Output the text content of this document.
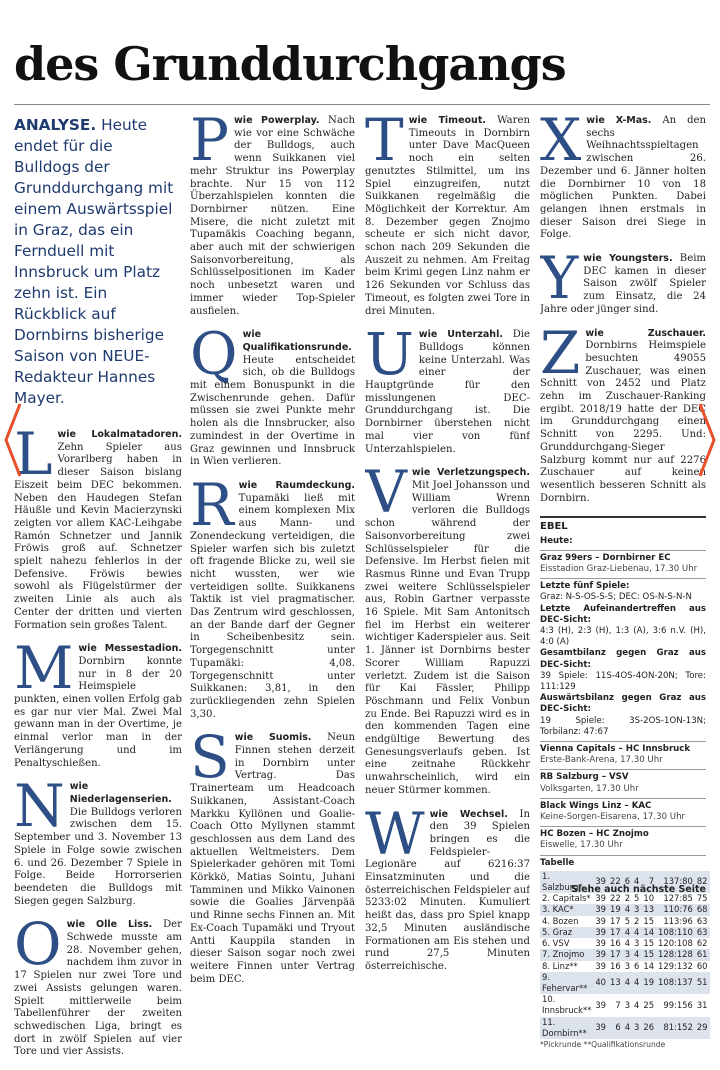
des Grunddurchgangs
ANALYSE. Heute endet für die Bulldogs der Grunddurchgang mit einem Auswärtsspiel in Graz, das ein Fernduell mit Innsbruck um Platz zehn ist. Ein Rückblick auf Dornbirns bisherige Saison von NEUE-Redakteur Hannes Mayer.
L wie Lokalmatadoren. Zehn Spieler aus Vorarlberg haben in dieser Saison bislang Eiszeit beim DEC bekommen. Neben den Haudegen Stefan Häußle und Kevin Macierzynski zeigten vor allem KAC-Leihgabe Ramón Schnetzer und Jannik Fröwis groß auf. Schnetzer spielt nahezu fehlerlos in der Defensive. Fröwis bewies sowohl als Flügelstürmer der zweiten Linie als auch als Center der dritten und vierten Formation sein großes Talent.
M wie Messestadion. Dornbirn konnte nur in 8 der 20 Heimspiele punkten, einen vollen Erfolg gab es gar nur vier Mal. Zwei Mal gewann man in der Overtime, je einmal verlor man in der Verlängerung und im Penaltyschießen.
N wie Niederlagenserien. Die Bulldogs verloren zwischen dem 15. September und 3. November 13 Spiele in Folge sowie zwischen 6. und 26. Dezember 7 Spiele in Folge. Beide Horrorserien beendeten die Bulldogs mit Siegen gegen Salzburg.
O wie Olle Liss. Der Schwede musste am 28. November gehen, nachdem ihm zuvor in 17 Spielen nur zwei Tore und zwei Assists gelungen waren. Spielt mittlerweile beim Tabellenführer der zweiten schwedischen Liga, bringt es dort in zwölf Spielen auf vier Tore und vier Assists.
P wie Powerplay. Nach wie vor eine Schwäche der Bulldogs, auch wenn Suikkanen viel mehr Struktur ins Powerplay brachte. Nur 15 von 112 Überzahlspielen konnten die Dornbirner nützen. Eine Misere, die nicht zuletzt mit Tupamäkis Coaching begann, aber auch mit der schwierigen Saisonvorbereitung, als Schlüsselpositionen im Kader noch unbesetzt waren und immer wieder Top-Spieler ausfielen.
Q wie Qualifikationsrunde. Heute entscheidet sich, ob die Bulldogs mit einem Bonuspunkt in die Zwischenrunde gehen. Dafür müssen sie zwei Punkte mehr holen als die Innsbrucker, also zumindest in der Overtime in Graz gewinnen und Innsbruck in Wien verlieren.
R wie Raumdeckung. Tupamäki ließ mit einem komplexen Mix aus Mann- und Zonendeckung verteidigen, die Spieler warfen sich bis zuletzt oft fragende Blicke zu, weil sie nicht wussten, wer wie verteidigen sollte. Suikkanens Taktik ist viel pragmatischer. Das Zentrum wird geschlossen, an der Bande darf der Gegner in Scheibenbesitz sein. Torgegenschnitt unter Tupamäki: 4,08. Torgegenschnitt unter Suikkanen: 3,81, in den zurückliegenden zehn Spielen 3,30.
S wie Suomis. Neun Finnen stehen derzeit in Dornbirn unter Vertrag. Das Trainerteam um Headcoach Suikkanen, Assistant-Coach Markku Kyllönen und Goalie-Coach Otto Myllynen stammt geschlossen aus dem Land des aktuellen Weltmeisters. Dem Spielerkader gehören mit Tomi Körkkö, Matias Sointu, Juhani Tamminen und Mikko Vainonen sowie die Goalies Järvenpää und Rinne sechs Finnen an. Mit Ex-Coach Tupamäki und Tryout Antti Kauppila standen in dieser Saison sogar noch zwei weitere Finnen unter Vertrag beim DEC.
T wie Timeout. Waren Timeouts in Dornbirn unter Dave MacQueen noch ein selten genutztes Stilmittel, um ins Spiel einzugreifen, nutzt Suikkanen regelmäßig die Möglichkeit der Korrektur. Am 8. Dezember gegen Znojmo scheute er sich nicht davor, schon nach 209 Sekunden die Auszeit zu nehmen. Am Freitag beim Krimi gegen Linz nahm er 126 Sekunden vor Schluss das Timeout, es folgten zwei Tore in drei Minuten.
U wie Unterzahl. Die Bulldogs können keine Unterzahl. Was einer der Hauptgründe für den misslungenen DEC-Grunddurchgang ist. Die Dornbirner überstehen nicht mal vier von fünf Unterzahlspielen.
V wie Verletzungspech. Mit Joel Johansson und William Wrenn verloren die Bulldogs schon während der Saisonvorbereitung zwei Schlüsselspieler für die Defensive. Im Herbst fielen mit Rasmus Rinne und Evan Trupp zwei weitere Schlüsselspieler aus, Robin Gartner verpasste 16 Spiele. Mit Sam Antonitsch fiel im Herbst ein weiterer wichtiger Kaderspieler aus. Seit 1. Jänner ist Dornbirns bester Scorer William Rapuzzi verletzt. Zudem ist die Saison für Kai Fässler, Philipp Pöschmann und Felix Vonbun zu Ende. Bei Rapuzzi wird es in den kommenden Tagen eine endgültige Bewertung des Genesungsverlaufs geben. Ist eine zeitnahe Rückkehr unwahrscheinlich, wird ein neuer Stürmer kommen.
W wie Wechsel. In den 39 Spielen bringen es die Feldspieler-Legionäre auf 6216:37 Einsatzminuten und die österreichischen Feldspieler auf 5233:02 Minuten. Kumuliert heißt das, dass pro Spiel knapp 32,5 Minuten ausländische Formationen am Eis stehen und rund 27,5 Minuten österreichische.
X wie X-Mas. An den sechs Weihnachtsspieltagen zwischen 26. Dezember und 6. Jänner holten die Dornbirner 10 von 18 möglichen Punkten. Dabei gelangen ihnen erstmals in dieser Saison drei Siege in Folge.
Y wie Youngsters. Beim DEC kamen in dieser Saison zwölf Spieler zum Einsatz, die 24 Jahre oder jünger sind.
Z wie Zuschauer. Dornbirns Heimspiele besuchten 49055 Zuschauer, was einen Schnitt von 2452 und Platz zehn im Zuschauer-Ranking ergibt. 2018/19 hatte der DEC im Grunddurchgang einen Schnitt von 2295. Und: Grunddurchgang-Sieger Salzburg kommt nur auf 2276 Zuschauer auf keinen wesentlich besseren Schnitt als Dornbirn.
EBEL
Heute:
Graz 99ers – Dornbirner EC
Eisstadion Graz-Liebenau, 17.30 Uhr
Letzte fünf Spiele:
Graz: N-S-OS-S-S; DEC: OS-N-S-N-N
Letzte Aufeinandertreffen aus DEC-Sicht:
4:3 (H), 2:3 (H), 1:3 (A), 3:6 n.V. (H), 4:0 (A)
Gesamtbilanz gegen Graz aus DEC-Sicht:
39 Spiele: 11S-4OS-4ON-20N; Tore: 111:129
Auswärtsbilanz gegen Graz aus DEC-Sicht:
19 Spiele: 3S-2OS-1ON-13N; Torbilanz: 47:67
Vienna Capitals – HC Innsbruck
Erste-Bank-Arena, 17.30 Uhr
RB Salzburg – VSV
Volksgarten, 17.30 Uhr
Black Wings Linz – KAC
Keine-Sorgen-Eisarena, 17.30 Uhr
HC Bozen – HC Znojmo
Eiswelle, 17.30 Uhr
Tabelle
1. Salzburg*	39	22	6	4	7	137:80	82
2. Capitals*	39	22	2	5	10	127:85	75
3. KAC*	39	19	4	3	13	110:76	68
4. Bozen	39	17	5	2	15	113:96	63
5. Graz	39	17	4	4	14	108:110	63
6. VSV	39	16	4	3	15	120:108	62
7. Znojmo	39	17	3	4	15	128:128	61
8. Linz**	39	16	3	6	14	129:132	60
9. Fehervar**	40	13	4	4	19	108:137	51
10. Innsbruck**	39	7	3	4	25	99:156	31
11. Dornbirn**	39	6	4	3	26	81:152	29
*Pickrunde **Qualifikationsrunde
Siehe auch nächste Seite
